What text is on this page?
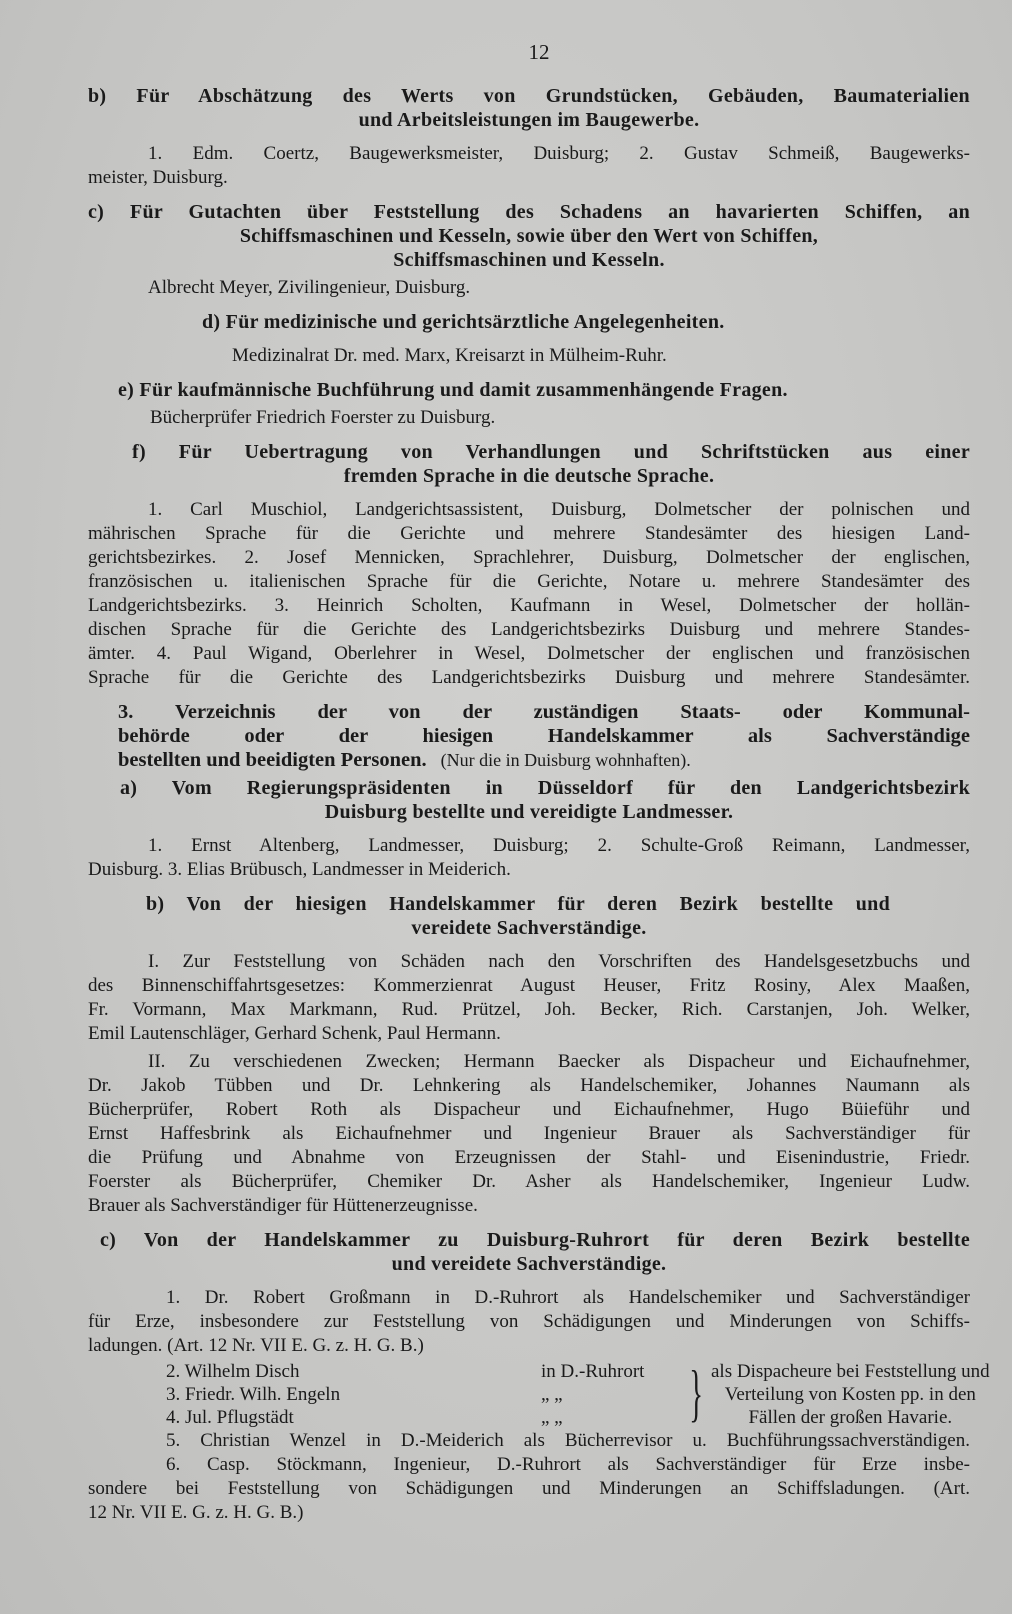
12
b) Für Abschätzung des Werts von Grundstücken, Gebäuden, Baumaterialien
und Arbeitsleistungen im Baugewerbe.
1. Edm. Coertz, Baugewerksmeister, Duisburg; 2. Gustav Schmeiß, Baugewerks-
meister, Duisburg.
c) Für Gutachten über Feststellung des Schadens an havarierten Schiffen, an
Schiffsmaschinen und Kesseln, sowie über den Wert von Schiffen,
Schiffsmaschinen und Kesseln.
Albrecht Meyer, Zivilingenieur, Duisburg.
d) Für medizinische und gerichtsärztliche Angelegenheiten.
Medizinalrat Dr. med. Marx, Kreisarzt in Mülheim-Ruhr.
e) Für kaufmännische Buchführung und damit zusammenhängende Fragen.
Bücherprüfer Friedrich Foerster zu Duisburg.
f) Für Uebertragung von Verhandlungen und Schriftstücken aus einer
fremden Sprache in die deutsche Sprache.
1. Carl Muschiol, Landgerichtsassistent, Duisburg, Dolmetscher der polnischen und
mährischen Sprache für die Gerichte und mehrere Standesämter des hiesigen Land-
gerichtsbezirkes. 2. Josef Mennicken, Sprachlehrer, Duisburg, Dolmetscher der englischen,
französischen u. italienischen Sprache für die Gerichte, Notare u. mehrere Standesämter des
Landgerichtsbezirks. 3. Heinrich Scholten, Kaufmann in Wesel, Dolmetscher der hollän-
dischen Sprache für die Gerichte des Landgerichtsbezirks Duisburg und mehrere Standes-
ämter. 4. Paul Wigand, Oberlehrer in Wesel, Dolmetscher der englischen und französischen
Sprache für die Gerichte des Landgerichtsbezirks Duisburg und mehrere Standesämter.
3. Verzeichnis der von der zuständigen Staats- oder Kommunal-
behörde oder der hiesigen Handelskammer als Sachverständige
bestellten und beeidigten Personen. (Nur die in Duisburg wohnhaften).
a) Vom Regierungspräsidenten in Düsseldorf für den Landgerichtsbezirk
Duisburg bestellte und vereidigte Landmesser.
1. Ernst Altenberg, Landmesser, Duisburg; 2. Schulte-Groß Reimann, Landmesser,
Duisburg. 3. Elias Brübusch, Landmesser in Meiderich.
b) Von der hiesigen Handelskammer für deren Bezirk bestellte und
vereidete Sachverständige.
I. Zur Feststellung von Schäden nach den Vorschriften des Handelsgesetzbuchs und
des Binnenschiffahrtsgesetzes: Kommerzienrat August Heuser, Fritz Rosiny, Alex Maaßen,
Fr. Vormann, Max Markmann, Rud. Prützel, Joh. Becker, Rich. Carstanjen, Joh. Welker,
Emil Lautenschläger, Gerhard Schenk, Paul Hermann.
II. Zu verschiedenen Zwecken; Hermann Baecker als Dispacheur und Eichaufnehmer,
Dr. Jakob Tübben und Dr. Lehnkering als Handelschemiker, Johannes Naumann als
Bücherprüfer, Robert Roth als Dispacheur und Eichaufnehmer, Hugo Büieführ und
Ernst Haffesbrink als Eichaufnehmer und Ingenieur Brauer als Sachverständiger für
die Prüfung und Abnahme von Erzeugnissen der Stahl- und Eisenindustrie, Friedr.
Foerster als Bücherprüfer, Chemiker Dr. Asher als Handelschemiker, Ingenieur Ludw.
Brauer als Sachverständiger für Hüttenerzeugnisse.
c) Von der Handelskammer zu Duisburg-Ruhrort für deren Bezirk bestellte
und vereidete Sachverständige.
1. Dr. Robert Großmann in D.-Ruhrort als Handelschemiker und Sachverständiger
für Erze, insbesondere zur Feststellung von Schädigungen und Minderungen von Schiffs-
ladungen. (Art. 12 Nr. VII E. G. z. H. G. B.)
2. Wilhelm Disch	in D.-Ruhrort	als Dispacheure bei Feststellung und
3. Friedr. Wilh. Engeln	„ „	Verteilung von Kosten pp. in den
4. Jul. Pflugstädt	„ „	Fällen der großen Havarie.
}
5. Christian Wenzel in D.-Meiderich als Bücherrevisor u. Buchführungssachverständigen.
6. Casp. Stöckmann, Ingenieur, D.-Ruhrort als Sachverständiger für Erze insbe-
sondere bei Feststellung von Schädigungen und Minderungen an Schiffsladungen. (Art.
12 Nr. VII E. G. z. H. G. B.)
